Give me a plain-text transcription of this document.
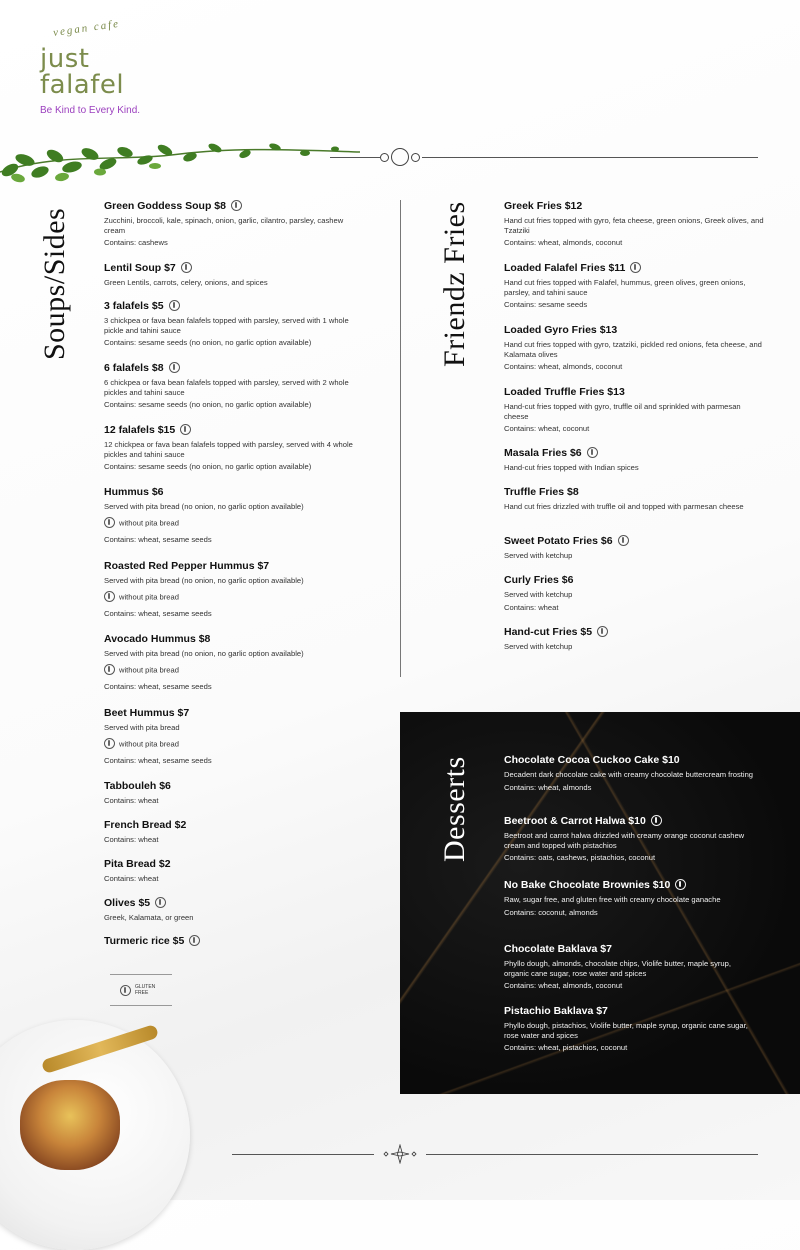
vegan cafe
just
falafel
Be Kind to Every Kind.
Soups/Sides	Friendz Fries
Green Goddess Soup $8
Zucchini, broccoli, kale, spinach, onion, garlic, cilantro, parsley, cashew cream
Contains: cashews
Lentil Soup $7
Green Lentils, carrots, celery, onions, and spices
3 falafels $5
3 chickpea or fava bean falafels topped with parsley, served with 1 whole pickle and tahini sauce
Contains: sesame seeds (no onion, no garlic option available)
6 falafels $8
6 chickpea or fava bean falafels topped with parsley, served with 2 whole pickles and tahini sauce
Contains: sesame seeds (no onion, no garlic option available)
12 falafels $15
12 chickpea or fava bean falafels topped with parsley, served with 4 whole pickles and tahini sauce
Contains: sesame seeds (no onion, no garlic option available)
Hummus $6
Served with pita bread (no onion, no garlic option available)
without pita bread
Contains: wheat, sesame seeds
Roasted Red Pepper Hummus $7
Served with pita bread (no onion, no garlic option available)
without pita bread
Contains: wheat, sesame seeds
Avocado Hummus $8
Served with pita bread (no onion, no garlic option available)
without pita bread
Contains: wheat, sesame seeds
Beet Hummus $7
Served with pita bread
without pita bread
Contains: wheat, sesame seeds
Tabbouleh $6
Contains: wheat
French Bread $2
Contains: wheat
Pita Bread $2
Contains: wheat
Olives $5
Greek, Kalamata, or green
Turmeric rice $5
GLUTEN
FREE
Greek Fries $12
Hand cut fries topped with gyro, feta cheese, green onions, Greek olives, and Tzatziki
Contains: wheat, almonds, coconut
Loaded Falafel Fries $11
Hand cut fries topped with Falafel, hummus, green olives, green onions, parsley, and tahini sauce
Contains: sesame seeds
Loaded Gyro Fries $13
Hand cut fries topped with gyro, tzatziki, pickled red onions, feta cheese, and Kalamata olives
Contains: wheat, almonds, coconut
Loaded Truffle Fries $13
Hand-cut fries topped with gyro, truffle oil and sprinkled with parmesan cheese
Contains: wheat, coconut
Masala Fries $6
Hand-cut fries topped with Indian spices
Truffle Fries $8
Hand cut fries drizzled with truffle oil and topped with parmesan cheese
Sweet Potato Fries $6
Served with ketchup
Curly Fries $6
Served with ketchup
Contains: wheat
Hand-cut Fries $5
Served with ketchup
Desserts	Chocolate Cocoa Cuckoo Cake $10
Decadent dark chocolate cake with creamy chocolate buttercream frosting
Contains: wheat, almonds
Beetroot & Carrot Halwa $10
Beetroot and carrot halwa drizzled with creamy orange coconut cashew cream and topped with pistachios
Contains: oats, cashews, pistachios, coconut
No Bake Chocolate Brownies $10
Raw, sugar free, and gluten free with creamy chocolate ganache
Contains: coconut, almonds
Chocolate Baklava $7
Phyllo dough, almonds, chocolate chips, Violife butter, maple syrup, organic cane sugar, rose water and spices
Contains: wheat, almonds, coconut
Pistachio Baklava $7
Phyllo dough, pistachios, Violife butter, maple syrup, organic cane sugar, rose water and spices
Contains: wheat, pistachios, coconut
